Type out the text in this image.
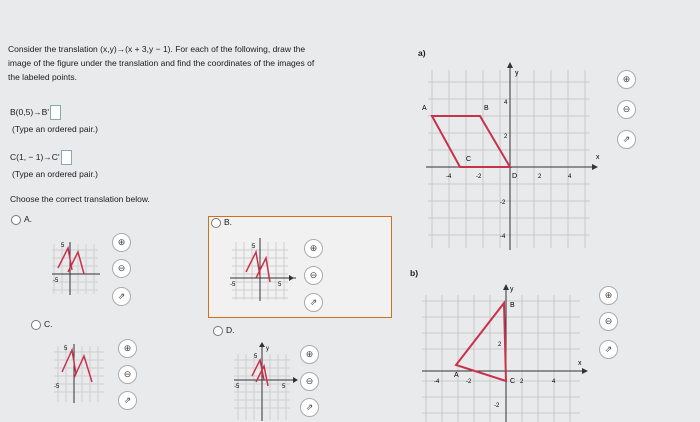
Consider the translation (x,y)→(x + 3,y − 1). For each of the following, draw the
image of the figure under the translation and find the coordinates of the images of
the labeled points.
B(0,5)→B'
(Type an ordered pair.)
C(1, − 1)→C'
(Type an ordered pair.)
Choose the correct translation below.
A.
5
-5
⊕
⊖
⇗
B.
5
-5	5
⊕
⊖
⇗
C.
5
-5
⊕
⊖
⇗
D.
y
5
-5	5
⊕
⊖
⇗
a)
y
x
A	B
C
D
-4	-2	2	4
4
2
-2
-4
⊕
⊖
⇗
b)
y
x
A
B
C
-4	-2	2	4
2
-2
⊕
⊖
⇗
